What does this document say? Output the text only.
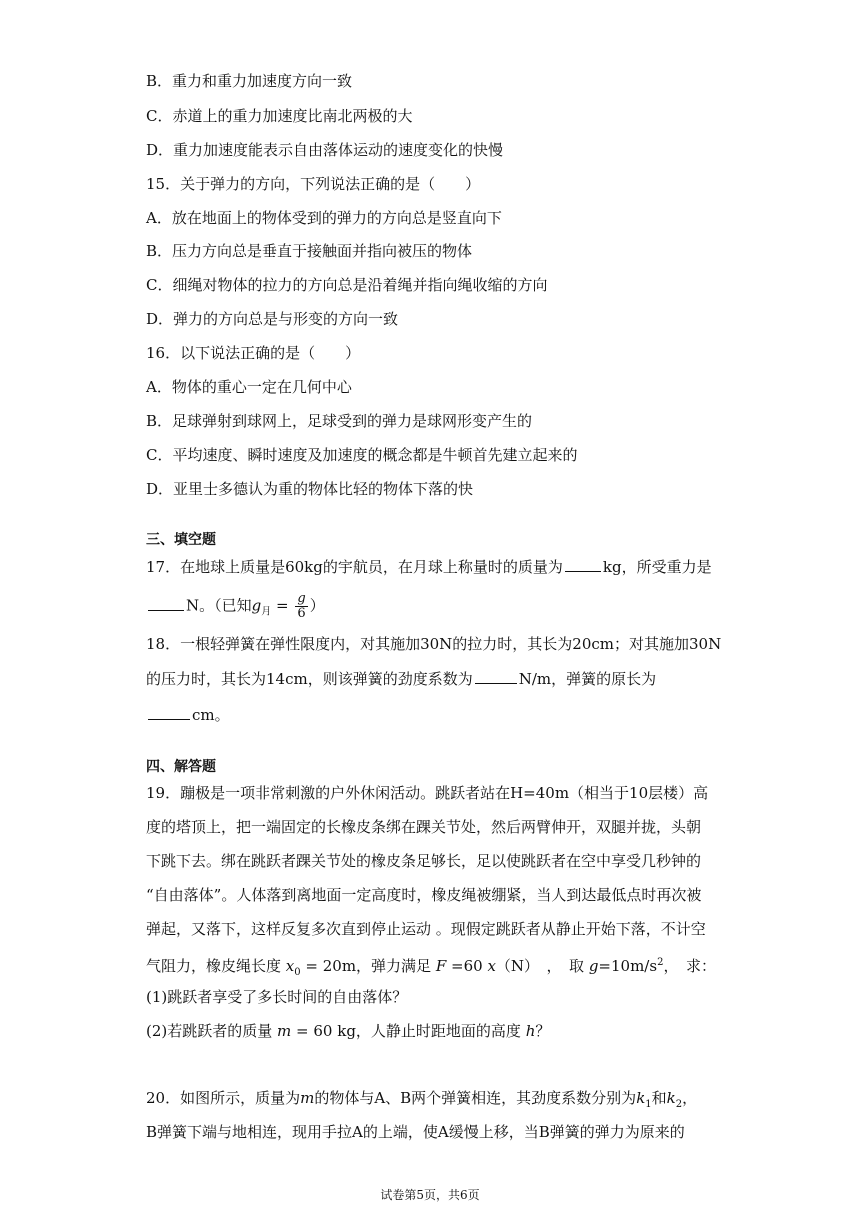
B．重力和重力加速度方向一致
C．赤道上的重力加速度比南北两极的大
D．重力加速度能表示自由落体运动的速度变化的快慢
15．关于弹力的方向，下列说法正确的是（　　）
A．放在地面上的物体受到的弹力的方向总是竖直向下
B．压力方向总是垂直于接触面并指向被压的物体
C．细绳对物体的拉力的方向总是沿着绳并指向绳收缩的方向
D．弹力的方向总是与形变的方向一致
16．以下说法正确的是（　　）
A．物体的重心一定在几何中心
B．足球弹射到球网上，足球受到的弹力是球网形变产生的
C．平均速度、瞬时速度及加速度的概念都是牛顿首先建立起来的
D．亚里士多德认为重的物体比轻的物体下落的快
三、填空题
17．在地球上质量是60kg的宇航员，在月球上称量时的质量为	kg，所受重力是
N。（已知$g_月 = \frac{g}{6}$ ）
18．一根轻弹簧在弹性限度内，对其施加30N的拉力时，其长为20cm；对其施加30N
的压力时，其长为14cm，则该弹簧的劲度系数为	N/m，弹簧的原长为
cm。
四、解答题
19．蹦极是一项非常刺激的户外休闲活动。跳跃者站在H=40m（相当于10层楼）高
度的塔顶上，把一端固定的长橡皮条绑在踝关节处，然后两臂伸开，双腿并拢，头朝
下跳下去。绑在跳跃者踝关节处的橡皮条足够长，足以使跳跃者在空中享受几秒钟的
“自由落体”。人体落到离地面一定高度时，橡皮绳被绷紧，当人到达最低点时再次被
弹起，又落下，这样反复多次直到停止运动 。现假定跳跃者从静止开始下落，不计空
气阻力，橡皮绳长度 $x_0 = 20m$，弹力满足 F =60 x（N）　，　取 $g=10m/s^2$，　求：
(1)跳跃者享受了多长时间的自由落体？
(2)若跳跃者的质量 m = 60 kg，人静止时距地面的高度 h？
20．如图所示，质量为m的物体与A、B两个弹簧相连，其劲度系数分别为$k_1$和$k_2$，
B弹簧下端与地相连，现用手拉A的上端，使A缓慢上移，当B弹簧的弹力为原来的
试卷第5页，共6页
